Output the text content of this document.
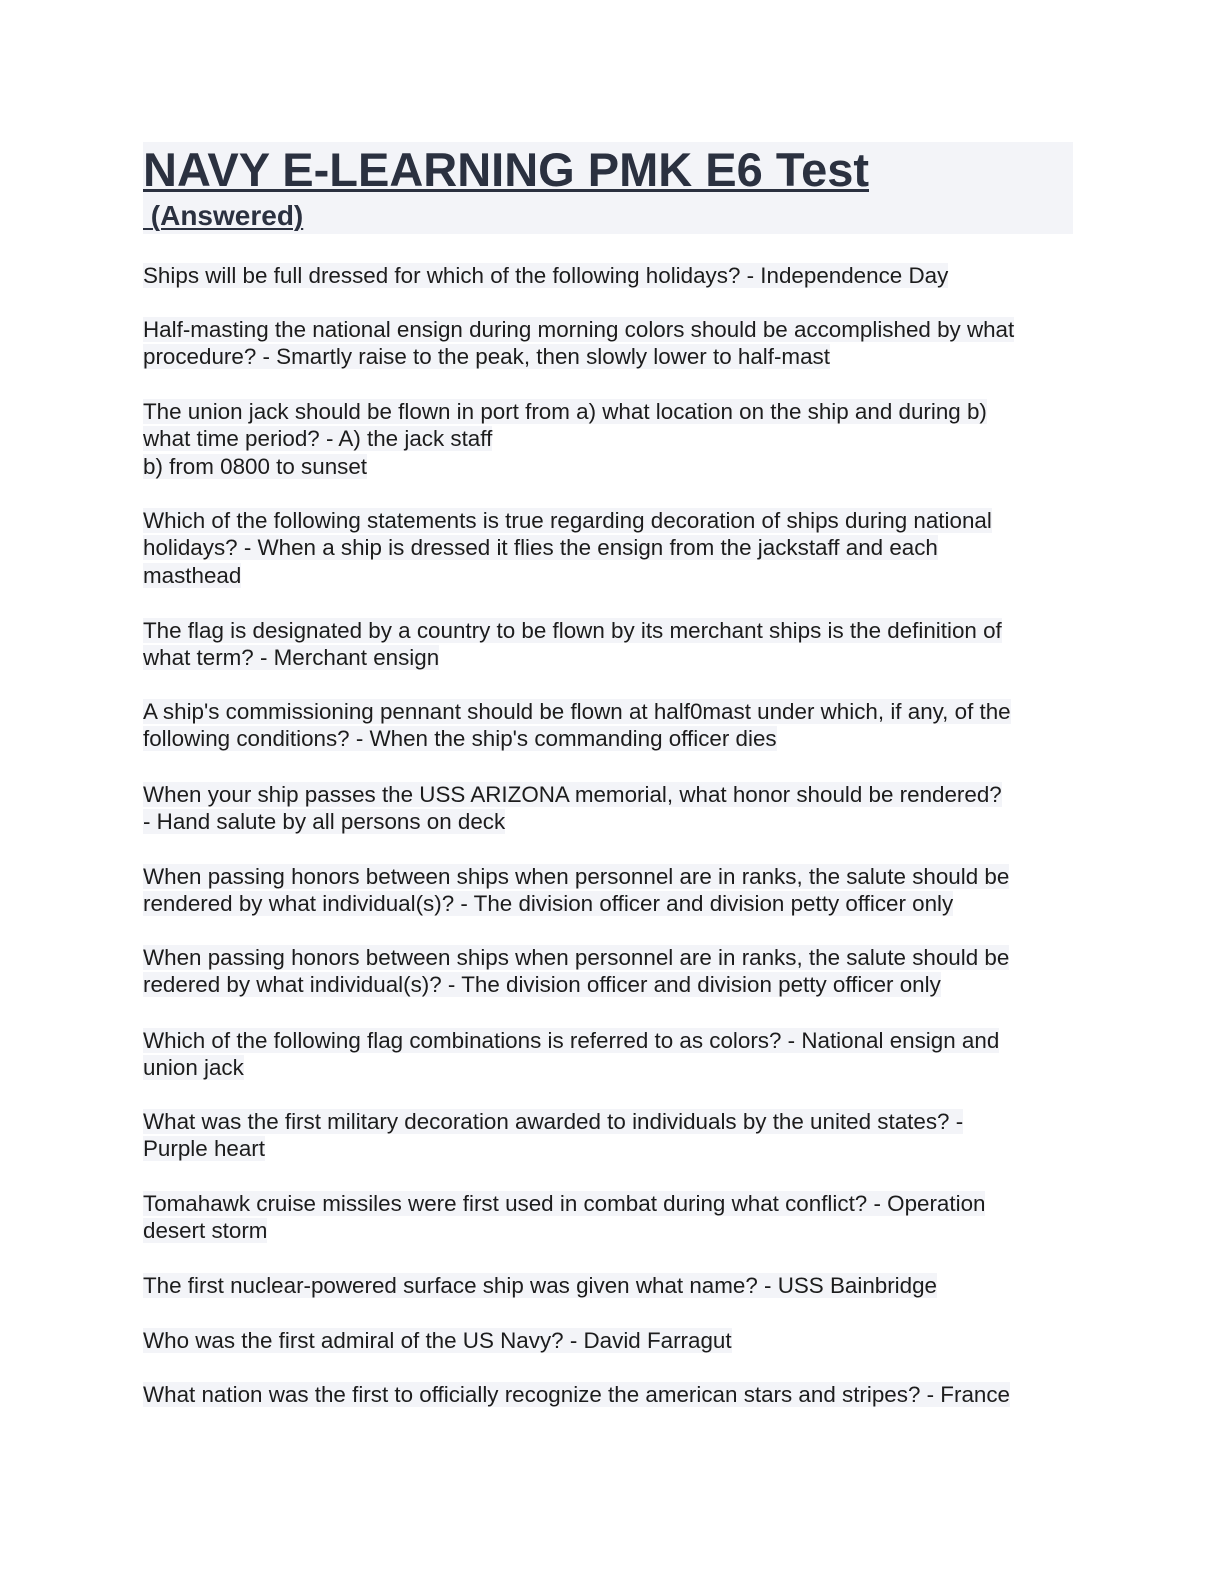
NAVY E-LEARNING PMK E6 Test
(Answered)

Ships will be full dressed for which of the following holidays? - Independence Day

Half-masting the national ensign during morning colors should be accomplished by what
procedure? - Smartly raise to the peak, then slowly lower to half-mast

The union jack should be flown in port from a) what location on the ship and during b)
what time period? - A) the jack staff
b) from 0800 to sunset

Which of the following statements is true regarding decoration of ships during national
holidays? - When a ship is dressed it flies the ensign from the jackstaff and each
masthead

The flag is designated by a country to be flown by its merchant ships is the definition of
what term? - Merchant ensign

A ship's commissioning pennant should be flown at half0mast under which, if any, of the
following conditions? - When the ship's commanding officer dies

When your ship passes the USS ARIZONA memorial, what honor should be rendered?
- Hand salute by all persons on deck

When passing honors between ships when personnel are in ranks, the salute should be
rendered by what individual(s)? - The division officer and division petty officer only

When passing honors between ships when personnel are in ranks, the salute should be
redered by what individual(s)? - The division officer and division petty officer only

Which of the following flag combinations is referred to as colors? - National ensign and
union jack

What was the first military decoration awarded to individuals by the united states? -
Purple heart

Tomahawk cruise missiles were first used in combat during what conflict? - Operation
desert storm

The first nuclear-powered surface ship was given what name? - USS Bainbridge

Who was the first admiral of the US Navy? - David Farragut

What nation was the first to officially recognize the american stars and stripes? - France
